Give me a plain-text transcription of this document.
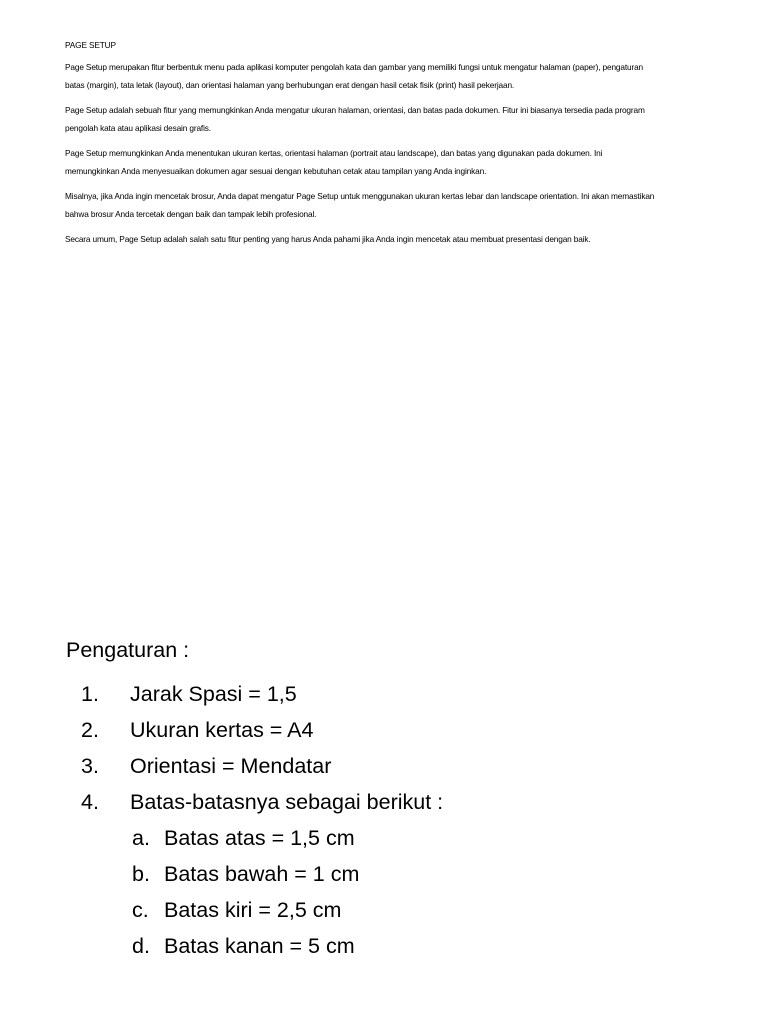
PAGE SETUP

Page Setup merupakan fitur berbentuk menu pada aplikasi komputer pengolah kata dan gambar yang memiliki fungsi untuk mengatur halaman (paper), pengaturan batas (margin), tata letak (layout), dan orientasi halaman yang berhubungan erat dengan hasil cetak fisik (print) hasil pekerjaan.

Page Setup adalah sebuah fitur yang memungkinkan Anda mengatur ukuran halaman, orientasi, dan batas pada dokumen. Fitur ini biasanya tersedia pada program pengolah kata atau aplikasi desain grafis.

Page Setup memungkinkan Anda menentukan ukuran kertas, orientasi halaman (portrait atau landscape), dan batas yang digunakan pada dokumen. Ini memungkinkan Anda menyesuaikan dokumen agar sesuai dengan kebutuhan cetak atau tampilan yang Anda inginkan.

Misalnya, jika Anda ingin mencetak brosur, Anda dapat mengatur Page Setup untuk menggunakan ukuran kertas lebar dan landscape orientation. Ini akan memastikan bahwa brosur Anda tercetak dengan baik dan tampak lebih profesional.

Secara umum, Page Setup adalah salah satu fitur penting yang harus Anda pahami jika Anda ingin mencetak atau membuat presentasi dengan baik.

Pengaturan :
1. Jarak Spasi = 1,5
2. Ukuran kertas = A4
3. Orientasi = Mendatar
4. Batas-batasnya sebagai berikut :
a. Batas atas = 1,5 cm
b. Batas bawah = 1 cm
c. Batas kiri = 2,5 cm
d. Batas kanan = 5 cm
